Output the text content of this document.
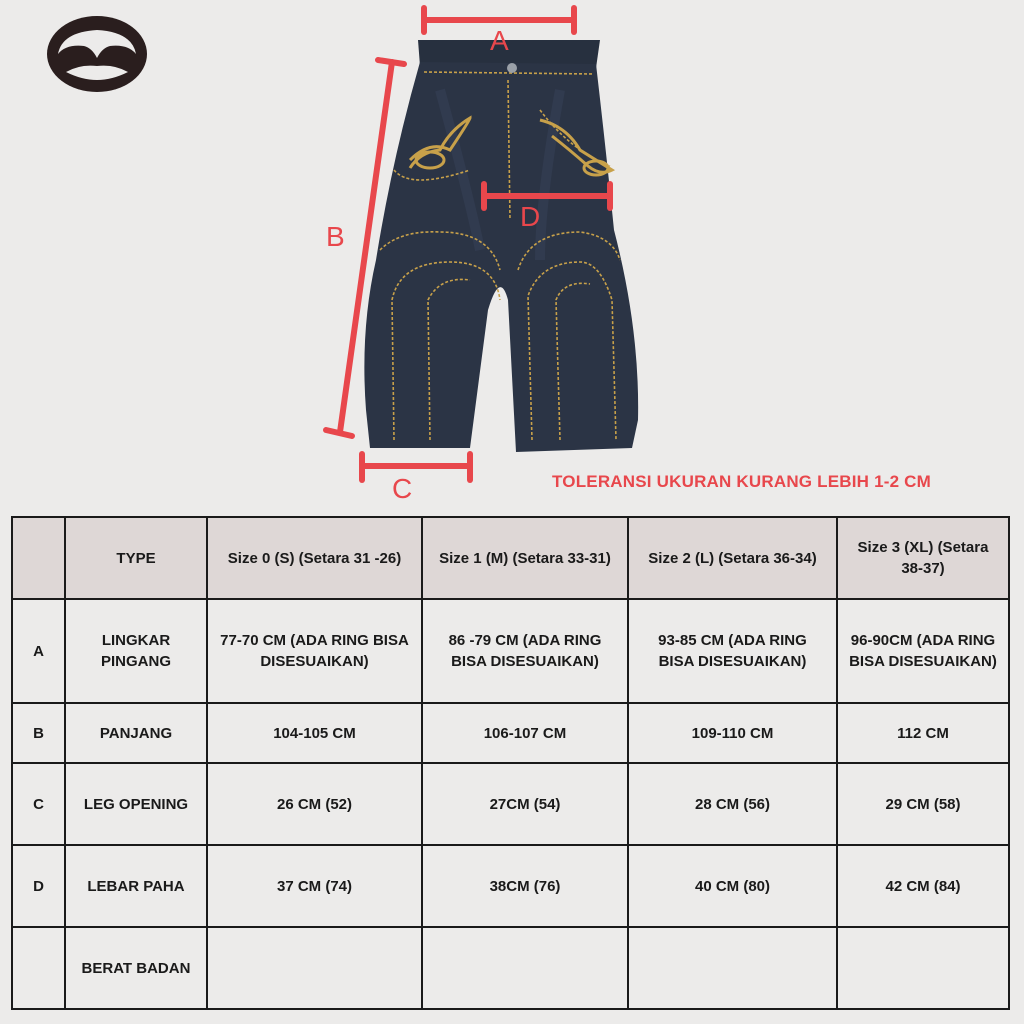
A
B
C
D
TOLERANSI UKURAN KURANG LEBIH 1-2 CM
	TYPE	Size 0 (S) (Setara 31 -26)	Size 1 (M) (Setara 33-31)	Size 2 (L) (Setara 36-34)	Size 3 (XL) (Setara 38-37)
A	LINGKAR PINGANG	77-70 CM (ADA RING BISA DISESUAIKAN)	86 -79 CM (ADA RING BISA DISESUAIKAN)	93-85 CM (ADA RING BISA DISESUAIKAN)	96-90CM (ADA RING BISA DISESUAIKAN)
B	PANJANG	104-105 CM	106-107 CM	109-110 CM	112 CM
C	LEG OPENING	26 CM (52)	27CM (54)	28 CM (56)	29 CM (58)
D	LEBAR PAHA	37 CM (74)	38CM (76)	40 CM (80)	42 CM (84)
	BERAT BADAN				
